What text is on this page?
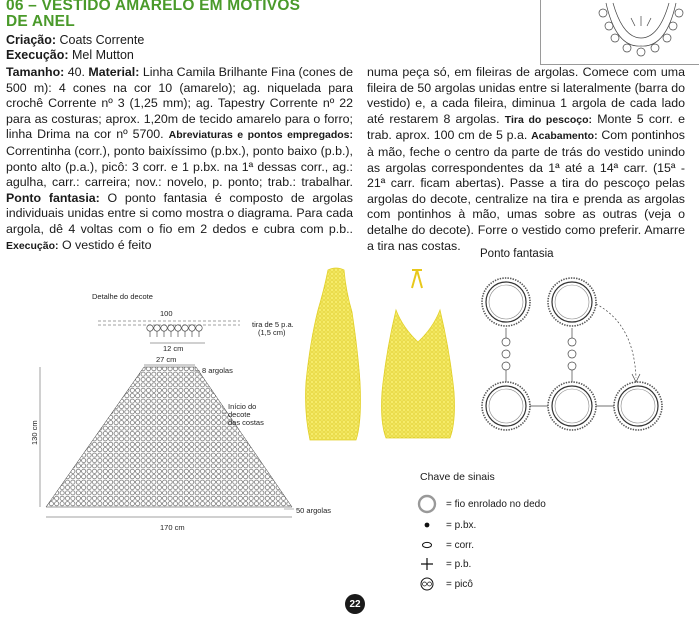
06 – VESTIDO AMARELO EM MOTIVOS DE ANEL
Criação: Coats Corrente
Execução: Mel Mutton

Tamanho: 40. Material: Linha Camila Brilhante Fina (cones de 500 m): 4 cones na cor 10 (amarelo); ag. niquelada para crochê Corrente nº 3 (1,25 mm); ag. Tapestry Corrente nº 22 para as costuras; aprox. 1,20m de tecido amarelo para o forro; linha Drima na cor nº 5700. Abreviaturas e pontos empregados: Correntinha (corr.), ponto baixíssimo (p.bx.), ponto baixo (p.b.), ponto alto (p.a.), picô: 3 corr. e 1 p.bx. na 1ª dessas corr., ag.: agulha, carr.: carreira; nov.: novelo, p. ponto; trab.: trabalhar. Ponto fantasia: O ponto fantasia é composto de argolas individuais unidas entre si como mostra o diagrama. Para cada argola, dê 4 voltas com o fio em 2 dedos e cubra com p.b.. Execução: O vestido é feito

numa peça só, em fileiras de argolas. Comece com uma fileira de 50 argolas unidas entre si lateralmente (barra do vestido) e, a cada fileira, diminua 1 argola de cada lado até restarem 8 argolas. Tira do pescoço: Monte 5 corr. e trab. aprox. 100 cm de 5 p.a. Acabamento: Com pontinhos à mão, feche o centro da parte de trás do vestido unindo as argolas correspondentes da 1ª até a 14ª carr. (15ª - 21ª carr. ficam abertas). Passe a tira do pescoço pelas argolas do decote, centralize na tira e prenda as argolas com pontinhos à mão, umas sobre as outras (veja o detalhe do decote). Forre o vestido como preferir. Amarre a tira nas costas.

Detalhe do decote
100
tira de 5 p.a.
(1,5 cm)
12 cm
27 cm
8 argolas
Início do
decote
das costas
50 argolas
130 cm
170 cm

Ponto fantasia

Chave de sinais

= fio enrolado no dedo
= p.bx.
= corr.
= p.b.
= picô
22
